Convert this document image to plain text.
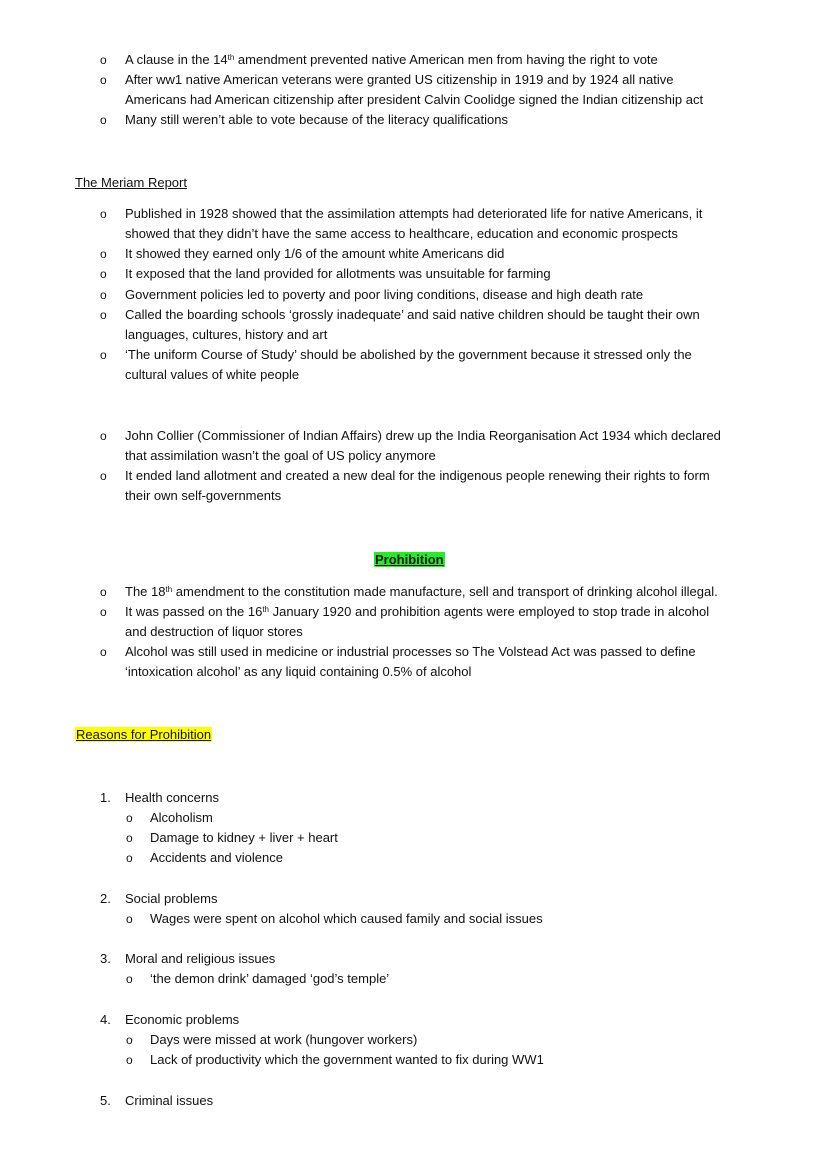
o A clause in the 14th amendment prevented native American men from having the right to vote
o After ww1 native American veterans were granted US citizenship in 1919 and by 1924 all native
Americans had American citizenship after president Calvin Coolidge signed the Indian citizenship act
o Many still weren’t able to vote because of the literacy qualifications
The Meriam Report
o Published in 1928 showed that the assimilation attempts had deteriorated life for native Americans, it
showed that they didn’t have the same access to healthcare, education and economic prospects
o It showed they earned only 1/6 of the amount white Americans did
o It exposed that the land provided for allotments was unsuitable for farming
o Government policies led to poverty and poor living conditions, disease and high death rate
o Called the boarding schools ‘grossly inadequate’ and said native children should be taught their own
languages, cultures, history and art
o ‘The uniform Course of Study’ should be abolished by the government because it stressed only the
cultural values of white people
o John Collier (Commissioner of Indian Affairs) drew up the India Reorganisation Act 1934 which declared
that assimilation wasn’t the goal of US policy anymore
o It ended land allotment and created a new deal for the indigenous people renewing their rights to form
their own self-governments
Prohibition
o The 18th amendment to the constitution made manufacture, sell and transport of drinking alcohol illegal.
o It was passed on the 16th January 1920 and prohibition agents were employed to stop trade in alcohol
and destruction of liquor stores
o Alcohol was still used in medicine or industrial processes so The Volstead Act was passed to define
‘intoxication alcohol’ as any liquid containing 0.5% of alcohol
Reasons for Prohibition
1. Health concerns
o Alcoholism
o Damage to kidney + liver + heart
o Accidents and violence
2. Social problems
o Wages were spent on alcohol which caused family and social issues
3. Moral and religious issues
o ‘the demon drink’ damaged ‘god’s temple’
4. Economic problems
o Days were missed at work (hungover workers)
o Lack of productivity which the government wanted to fix during WW1
5. Criminal issues
